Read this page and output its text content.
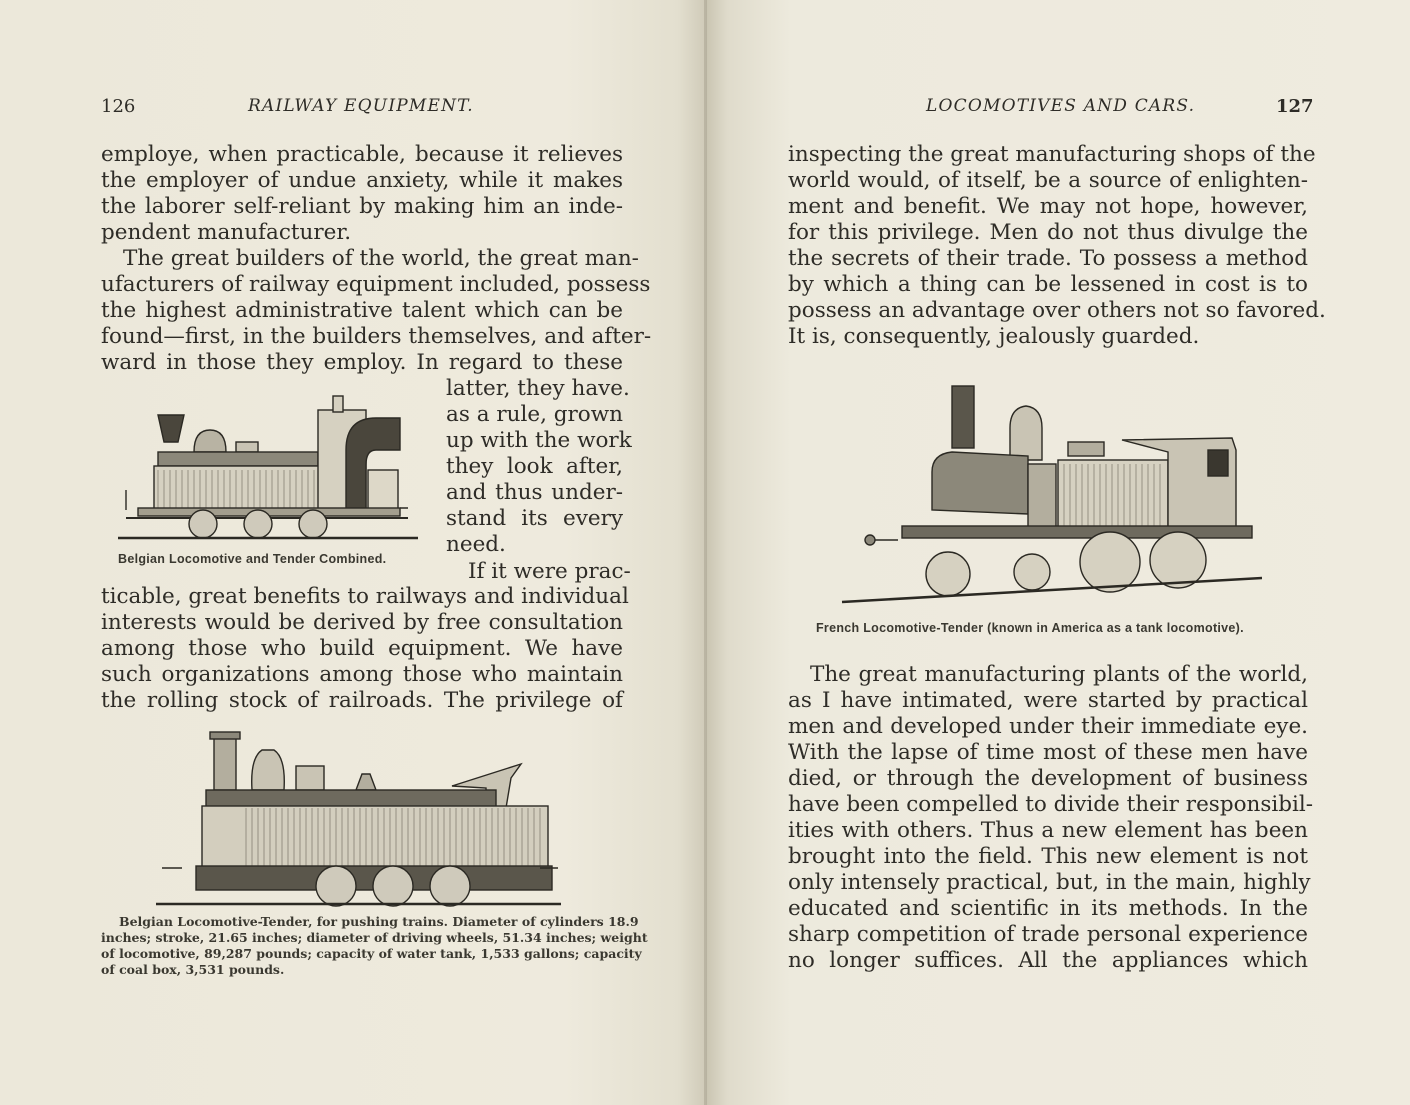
126	RAILWAY EQUIPMENT.
employe, when practicable, because it relieves
the employer of undue anxiety, while it makes
the laborer self-reliant by making him an inde-
pendent manufacturer.
The great builders of the world, the great man-
ufacturers of railway equipment included, possess
the highest administrative talent which can be
found—first, in the builders themselves, and after-
ward in those they employ. In regard to these
latter, they have.
as a rule, grown
up with the work
they look after,
and thus under-
stand its every
need.
If it were prac-
Belgian Locomotive and Tender Combined.
ticable, great benefits to railways and individual
interests would be derived by free consultation
among those who build equipment. We have
such organizations among those who maintain
the rolling stock of railroads. The privilege of
Belgian Locomotive-Tender, for pushing trains. Diameter of cylinders 18.9
inches; stroke, 21.65 inches; diameter of driving wheels, 51.34 inches; weight
of locomotive, 89,287 pounds; capacity of water tank, 1,533 gallons; capacity
of coal box, 3,531 pounds.
LOCOMOTIVES AND CARS.	127
inspecting the great manufacturing shops of the
world would, of itself, be a source of enlighten-
ment and benefit. We may not hope, however,
for this privilege. Men do not thus divulge the
the secrets of their trade. To possess a method
by which a thing can be lessened in cost is to
possess an advantage over others not so favored.
It is, consequently, jealously guarded.
French Locomotive-Tender (known in America as a tank locomotive).
The great manufacturing plants of the world,
as I have intimated, were started by practical
men and developed under their immediate eye.
With the lapse of time most of these men have
died, or through the development of business
have been compelled to divide their responsibil-
ities with others. Thus a new element has been
brought into the field. This new element is not
only intensely practical, but, in the main, highly
educated and scientific in its methods. In the
sharp competition of trade personal experience
no longer suffices. All the appliances which
